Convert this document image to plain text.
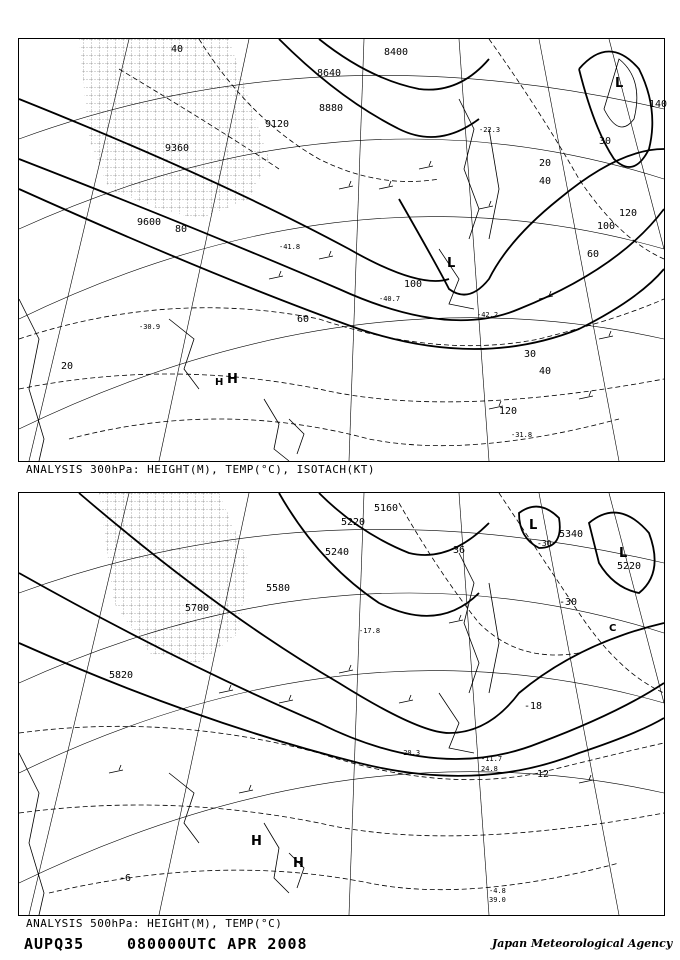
8400
8640
8880
9120
9360
9600
40
60
80
100
120
140
20
30
60
40
120
100
30
40
20
-22.3
-41.8
-40.7
-42.2
-30.9
-31.8
H
H
L
L
ANALYSIS 300hPa: HEIGHT(M), TEMP(°C), ISOTACH(KT)
5160
5220
5240
5340
5580
5700
5820
5220
-36
-30
-18
-12
-6
-30
-4.8
39.0
-11.7
24.8
-17.8
-20.3
H
H
L
L
C
ANALYSIS 500hPa: HEIGHT(M), TEMP(°C)
AUPQ35	080000UTC APR 2008	Japan Meteorological Agency
